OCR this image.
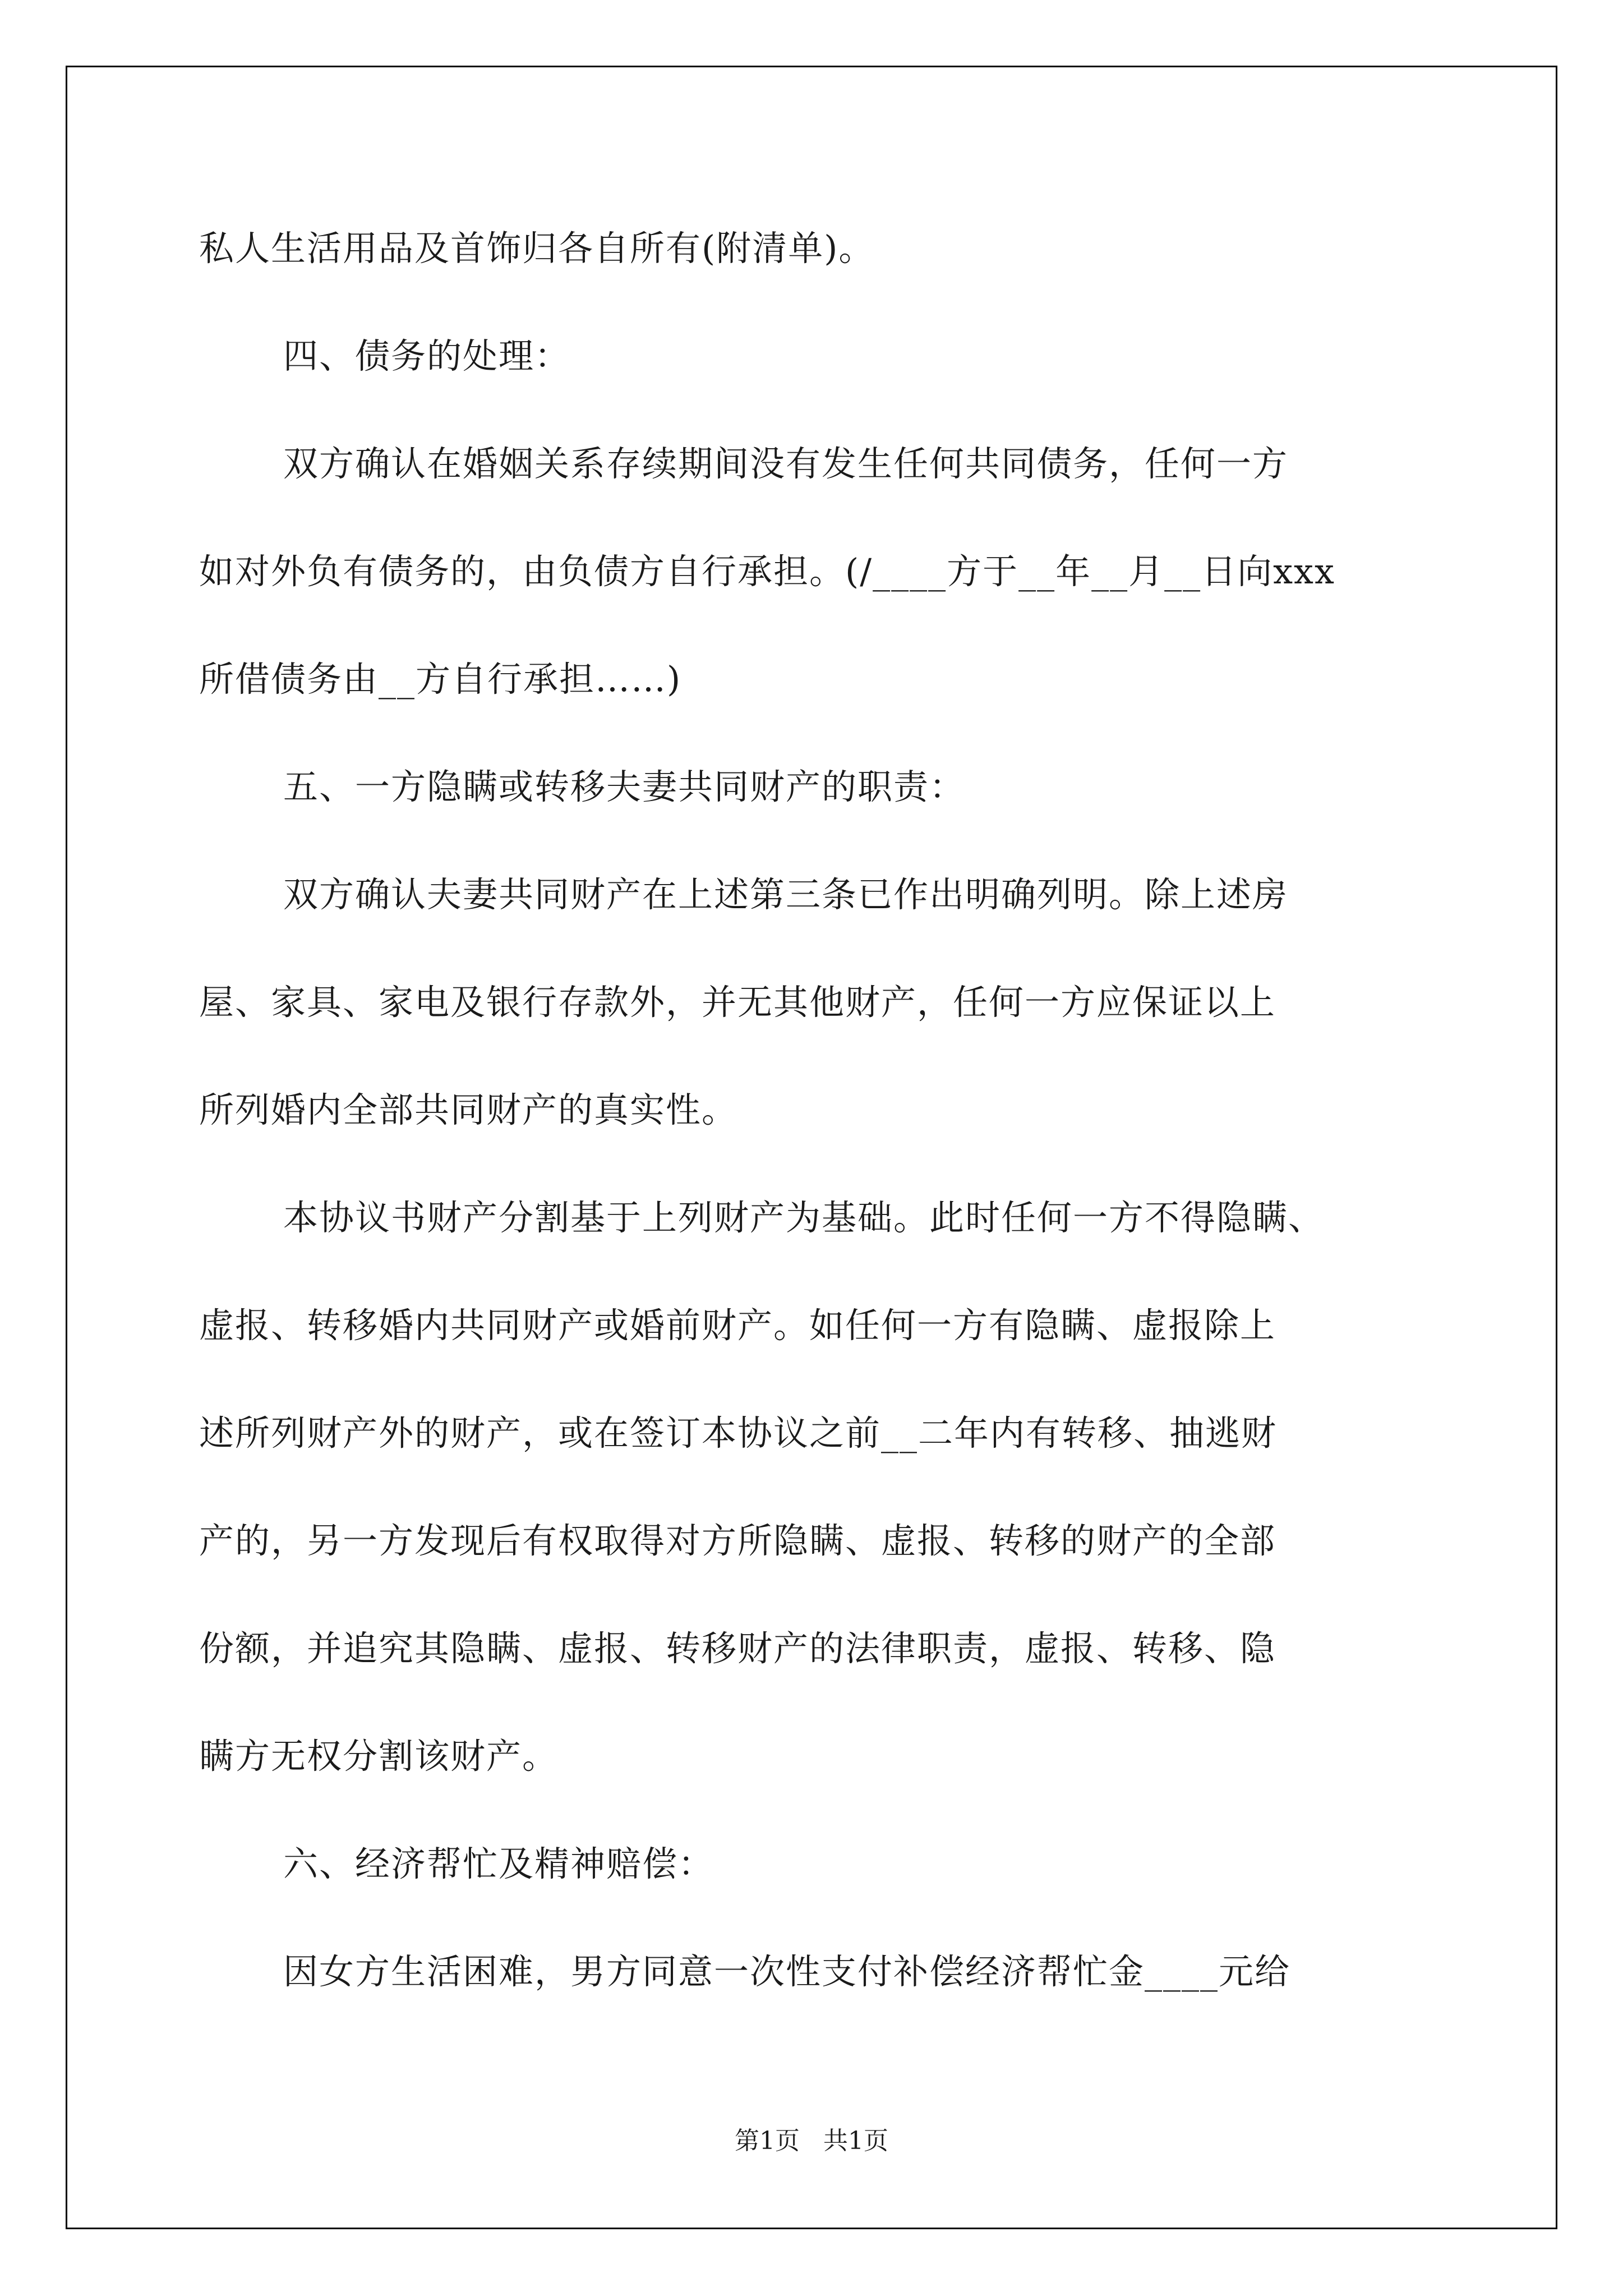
私人生活用品及首饰归各自所有(附清单)。
四、债务的处理：
双方确认在婚姻关系存续期间没有发生任何共同债务，任何一方
如对外负有债务的，由负债方自行承担。(/____方于__年__月__日向xxx
所借债务由__方自行承担……)
五、一方隐瞒或转移夫妻共同财产的职责：
双方确认夫妻共同财产在上述第三条已作出明确列明。除上述房
屋、家具、家电及银行存款外，并无其他财产，任何一方应保证以上
所列婚内全部共同财产的真实性。
本协议书财产分割基于上列财产为基础。此时任何一方不得隐瞒、
虚报、转移婚内共同财产或婚前财产。如任何一方有隐瞒、虚报除上
述所列财产外的财产，或在签订本协议之前__二年内有转移、抽逃财
产的，另一方发现后有权取得对方所隐瞒、虚报、转移的财产的全部
份额，并追究其隐瞒、虚报、转移财产的法律职责，虚报、转移、隐
瞒方无权分割该财产。
六、经济帮忙及精神赔偿：
因女方生活困难，男方同意一次性支付补偿经济帮忙金____元给
第1页 共1页
